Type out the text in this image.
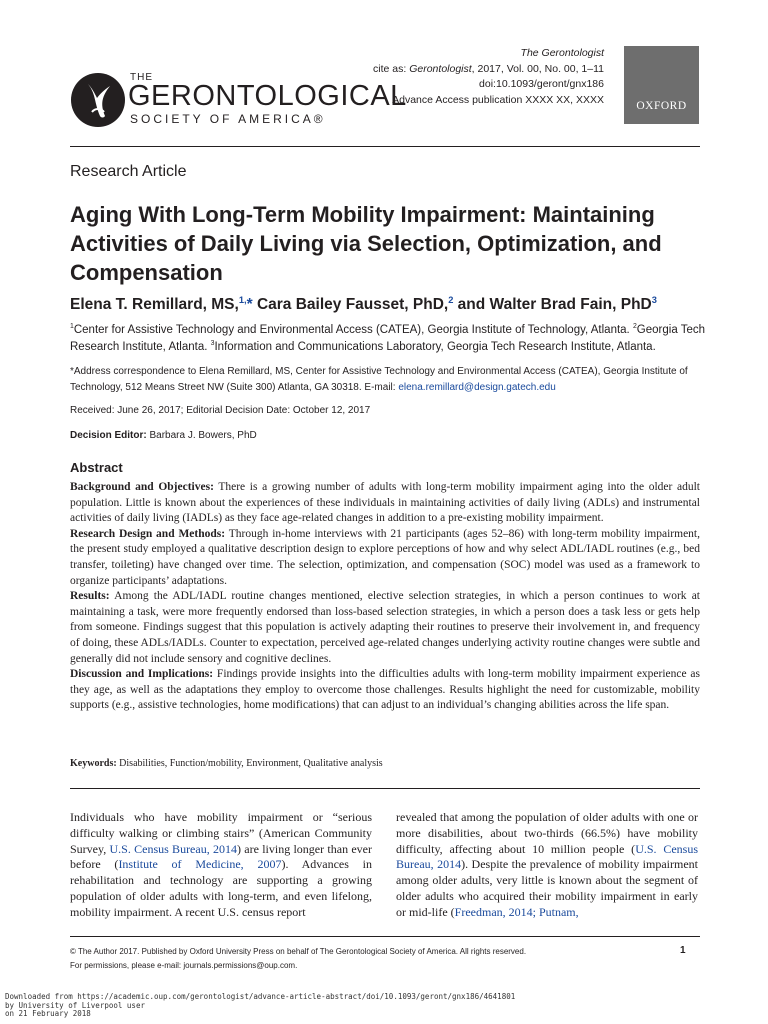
THE
GERONTOLOGICAL
SOCIETY OF AMERICA®
The Gerontologist
cite as: Gerontologist, 2017, Vol. 00, No. 00, 1–11
doi:10.1093/geront/gnx186
Advance Access publication XXXX XX, XXXX
OXFORD
Research Article
Aging With Long-Term Mobility Impairment: Maintaining Activities of Daily Living via Selection, Optimization, and Compensation
Elena T. Remillard, MS,$^{1,}$* Cara Bailey Fausset, PhD,$^2$ and Walter Brad Fain, PhD$^3$
$^1$Center for Assistive Technology and Environmental Access (CATEA), Georgia Institute of Technology, Atlanta. $^2$Georgia Tech Research Institute, Atlanta. $^3$Information and Communications Laboratory, Georgia Tech Research Institute, Atlanta.
*Address correspondence to Elena Remillard, MS, Center for Assistive Technology and Environmental Access (CATEA), Georgia Institute of Technology, 512 Means Street NW (Suite 300) Atlanta, GA 30318. E-mail: elena.remillard@design.gatech.edu
Received: June 26, 2017; Editorial Decision Date: October 12, 2017
Decision Editor: Barbara J. Bowers, PhD
Abstract

Background and Objectives: There is a growing number of adults with long-term mobility impairment aging into the older adult population. Little is known about the experiences of these individuals in maintaining activities of daily living (ADLs) and instrumental activities of daily living (IADLs) as they face age-related changes in addition to a pre-existing mobility impairment.

Research Design and Methods: Through in-home interviews with 21 participants (ages 52–86) with long-term mobility impairment, the present study employed a qualitative description design to explore perceptions of how and why select ADL/IADL routines (e.g., bed transfer, toileting) have changed over time. The selection, optimization, and compensation (SOC) model was used as a framework to organize participants’ adaptations.

Results: Among the ADL/IADL routine changes mentioned, elective selection strategies, in which a person continues to work at maintaining a task, were more frequently endorsed than loss-based selection strategies, in which a person does a task less or gets help from someone. Findings suggest that this population is actively adapting their routines to preserve their involvement in, and frequency of doing, these ADLs/IADLs. Counter to expectation, perceived age-related changes underlying activity routine changes were subtle and generally did not include sensory and cognitive declines.

Discussion and Implications: Findings provide insights into the difficulties adults with long-term mobility impairment experience as they age, as well as the adaptations they employ to overcome those challenges. Results highlight the need for customizable, mobility supports (e.g., assistive technologies, home modifications) that can adjust to an individual’s changing abilities across the life span.

Keywords: Disabilities, Function/mobility, Environment, Qualitative analysis
Individuals who have mobility impairment or “serious difficulty walking or climbing stairs” (American Community Survey, U.S. Census Bureau, 2014) are living longer than ever before (Institute of Medicine, 2007). Advances in rehabilitation and technology are supporting a growing population of older adults with long-term, and even lifelong, mobility impairment. A recent U.S. census report
revealed that among the population of older adults with one or more disabilities, about two-thirds (66.5%) have mobility difficulty, affecting about 10 million people (U.S. Census Bureau, 2014). Despite the prevalence of mobility impairment among older adults, very little is known about the segment of older adults who acquired their mobility impairment in early or mid-life (Freedman, 2014; Putnam,
© The Author 2017. Published by Oxford University Press on behalf of The Gerontological Society of America. All rights reserved.
For permissions, please e-mail: journals.permissions@oup.com.
1
Downloaded from https://academic.oup.com/gerontologist/advance-article-abstract/doi/10.1093/geront/gnx186/4641801
by University of Liverpool user
on 21 February 2018
